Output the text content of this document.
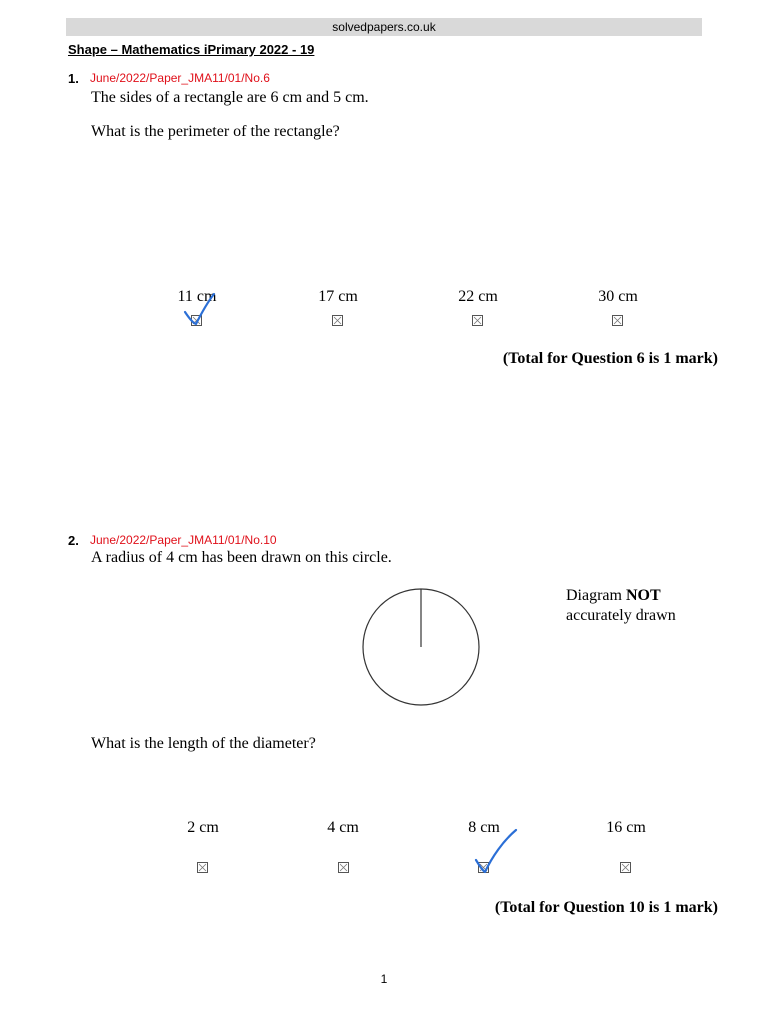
solvedpapers.co.uk
Shape – Mathematics iPrimary 2022 - 19
1. June/2022/Paper_JMA11/01/No.6
The sides of a rectangle are 6 cm and 5 cm.
What is the perimeter of the rectangle?
11 cm	17 cm	22 cm	30 cm
(Total for Question 6 is 1 mark)
2. June/2022/Paper_JMA11/01/No.10
A radius of 4 cm has been drawn on this circle.
Diagram NOT
accurately drawn
What is the length of the diameter?
2 cm	4 cm	8 cm	16 cm
(Total for Question 10 is 1 mark)
1
